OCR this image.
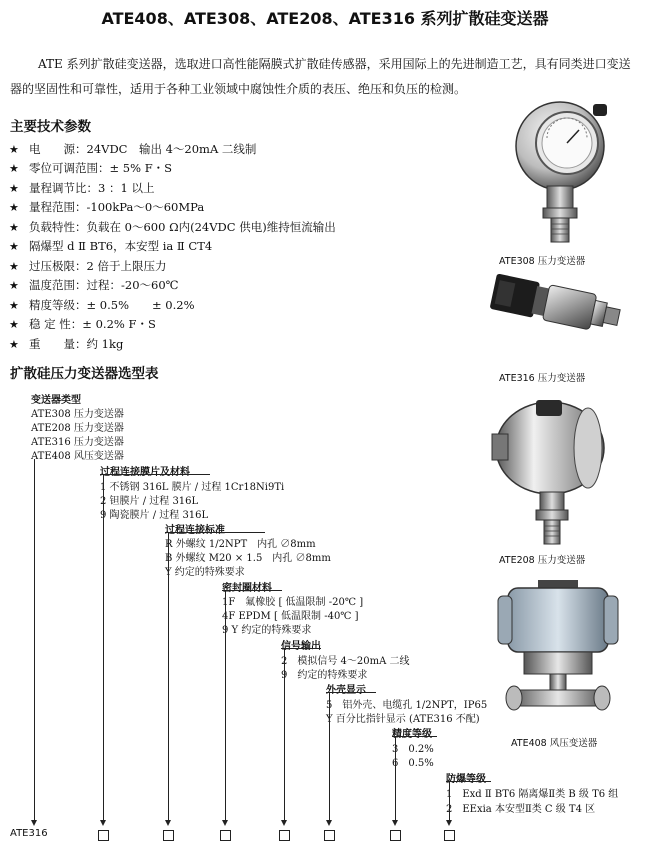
ATE408、ATE308、ATE208、ATE316 系列扩散硅变送器
ATE 系列扩散硅变送器，选取进口高性能隔膜式扩散硅传感器，采用国际上的先进制造工艺，具有同类进口变送器的坚固性和可靠性，适用于各种工业领域中腐蚀性介质的表压、绝压和负压的检测。
主要技术参数
★ 电　　源：24VDC　输出 4～20mA 二线制
★ 零位可调范围：± 5% F・S
★ 量程调节比：3 ：1 以上
★ 量程范围：-100kPa～0～60MPa
★ 负载特性：负载在 0～600 Ω内(24VDC 供电)维持恒流输出
★ 隔爆型 d Ⅱ BT6，本安型 ia Ⅱ CT4
★ 过压极限：2 倍于上限压力
★ 温度范围：过程：-20～60℃
★ 精度等级：± 0.5%　　± 0.2%
★ 稳 定 性：± 0.2% F・S
★ 重　　量：约 1kg
扩散硅压力变送器选型表
变送器类型
ATE308 压力变送器
ATE208 压力变送器
ATE316 压力变送器
ATE408 风压变送器
过程连接膜片及材料
1 不锈钢 316L 膜片 / 过程 1Cr18Ni9Ti
2 钽膜片 / 过程 316L
9 陶瓷膜片 / 过程 316L
过程连接标准
R 外螺纹 1/2NPT　内孔 ∅8mm
B 外螺纹 M20 × 1.5　内孔 ∅8mm
Y 约定的特殊要求
密封圈材料
1F　氟橡胶 [ 低温限制 -20℃ ]
4F EPDM [ 低温限制 -40℃ ]
9 Y 约定的特殊要求
信号输出
2　模拟信号 4～20mA 二线
9　约定的特殊要求
外壳显示
5　铝外壳、电缆孔 1/2NPT，IP65
Y 百分比指针显示 (ATE316 不配)
精度等级
3　0.2%
6　0.5%
防爆等级
1　Exd Ⅱ BT6 隔离爆Ⅱ类 B 级 T6 组
2　EExia 本安型Ⅱ类 C 级 T4 区
ATE316
ATE308 压力变送器
ATE316 压力变送器
ATE208 压力变送器
ATE408 风压变送器
